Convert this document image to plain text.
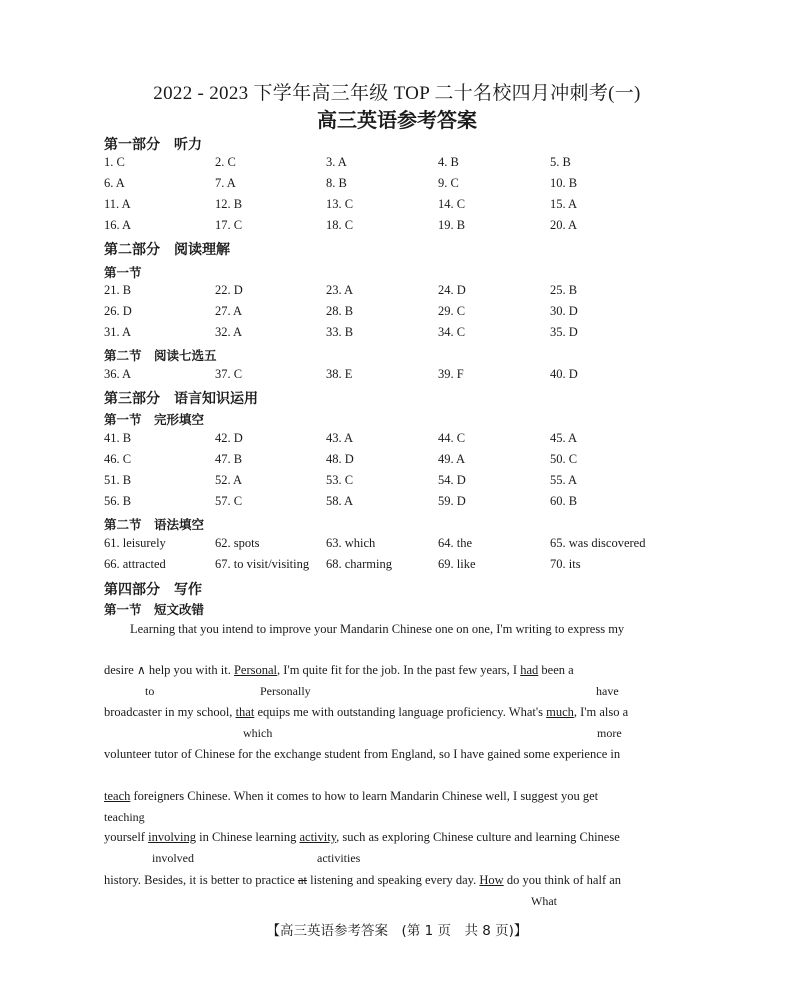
2022 - 2023 下学年高三年级 TOP 二十名校四月冲刺考(一)
高三英语参考答案
第一部分　听力
1. C	2. C	3. A	4. B	5. B
6. A	7. A	8. B	9. C	10. B
11. A	12. B	13. C	14. C	15. A
16. A	17. C	18. C	19. B	20. A
第二部分　阅读理解
第一节
21. B	22. D	23. A	24. D	25. B
26. D	27. A	28. B	29. C	30. D
31. A	32. A	33. B	34. C	35. D
第二节　阅读七选五
36. A	37. C	38. E	39. F	40. D
第三部分　语言知识运用
第一节　完形填空
41. B	42. D	43. A	44. C	45. A
46. C	47. B	48. D	49. A	50. C
51. B	52. A	53. C	54. D	55. A
56. B	57. C	58. A	59. D	60. B
第二节　语法填空
61. leisurely	62. spots	63. which	64. the	65. was discovered
66. attracted	67. to visit/visiting 68. charming	69. like	70. its
第四部分　写作
第一节　短文改错
Learning that you intend to improve your Mandarin Chinese one on one, I'm writing to express my
desire ∧ help you with it. Personal, I'm quite fit for the job. In the past few years, I had been a
to	Personally	have
broadcaster in my school, that equips me with outstanding language proficiency. What's much, I'm also a
which	more
volunteer tutor of Chinese for the exchange student from England, so I have gained some experience in
teach foreigners Chinese. When it comes to how to learn Mandarin Chinese well, I suggest you get
teaching
yourself involving in Chinese learning activity, such as exploring Chinese culture and learning Chinese
involved	activities
history. Besides, it is better to practice at listening and speaking every day. How do you think of half an
What
【高三英语参考答案　(第 1 页　共 8 页)】
